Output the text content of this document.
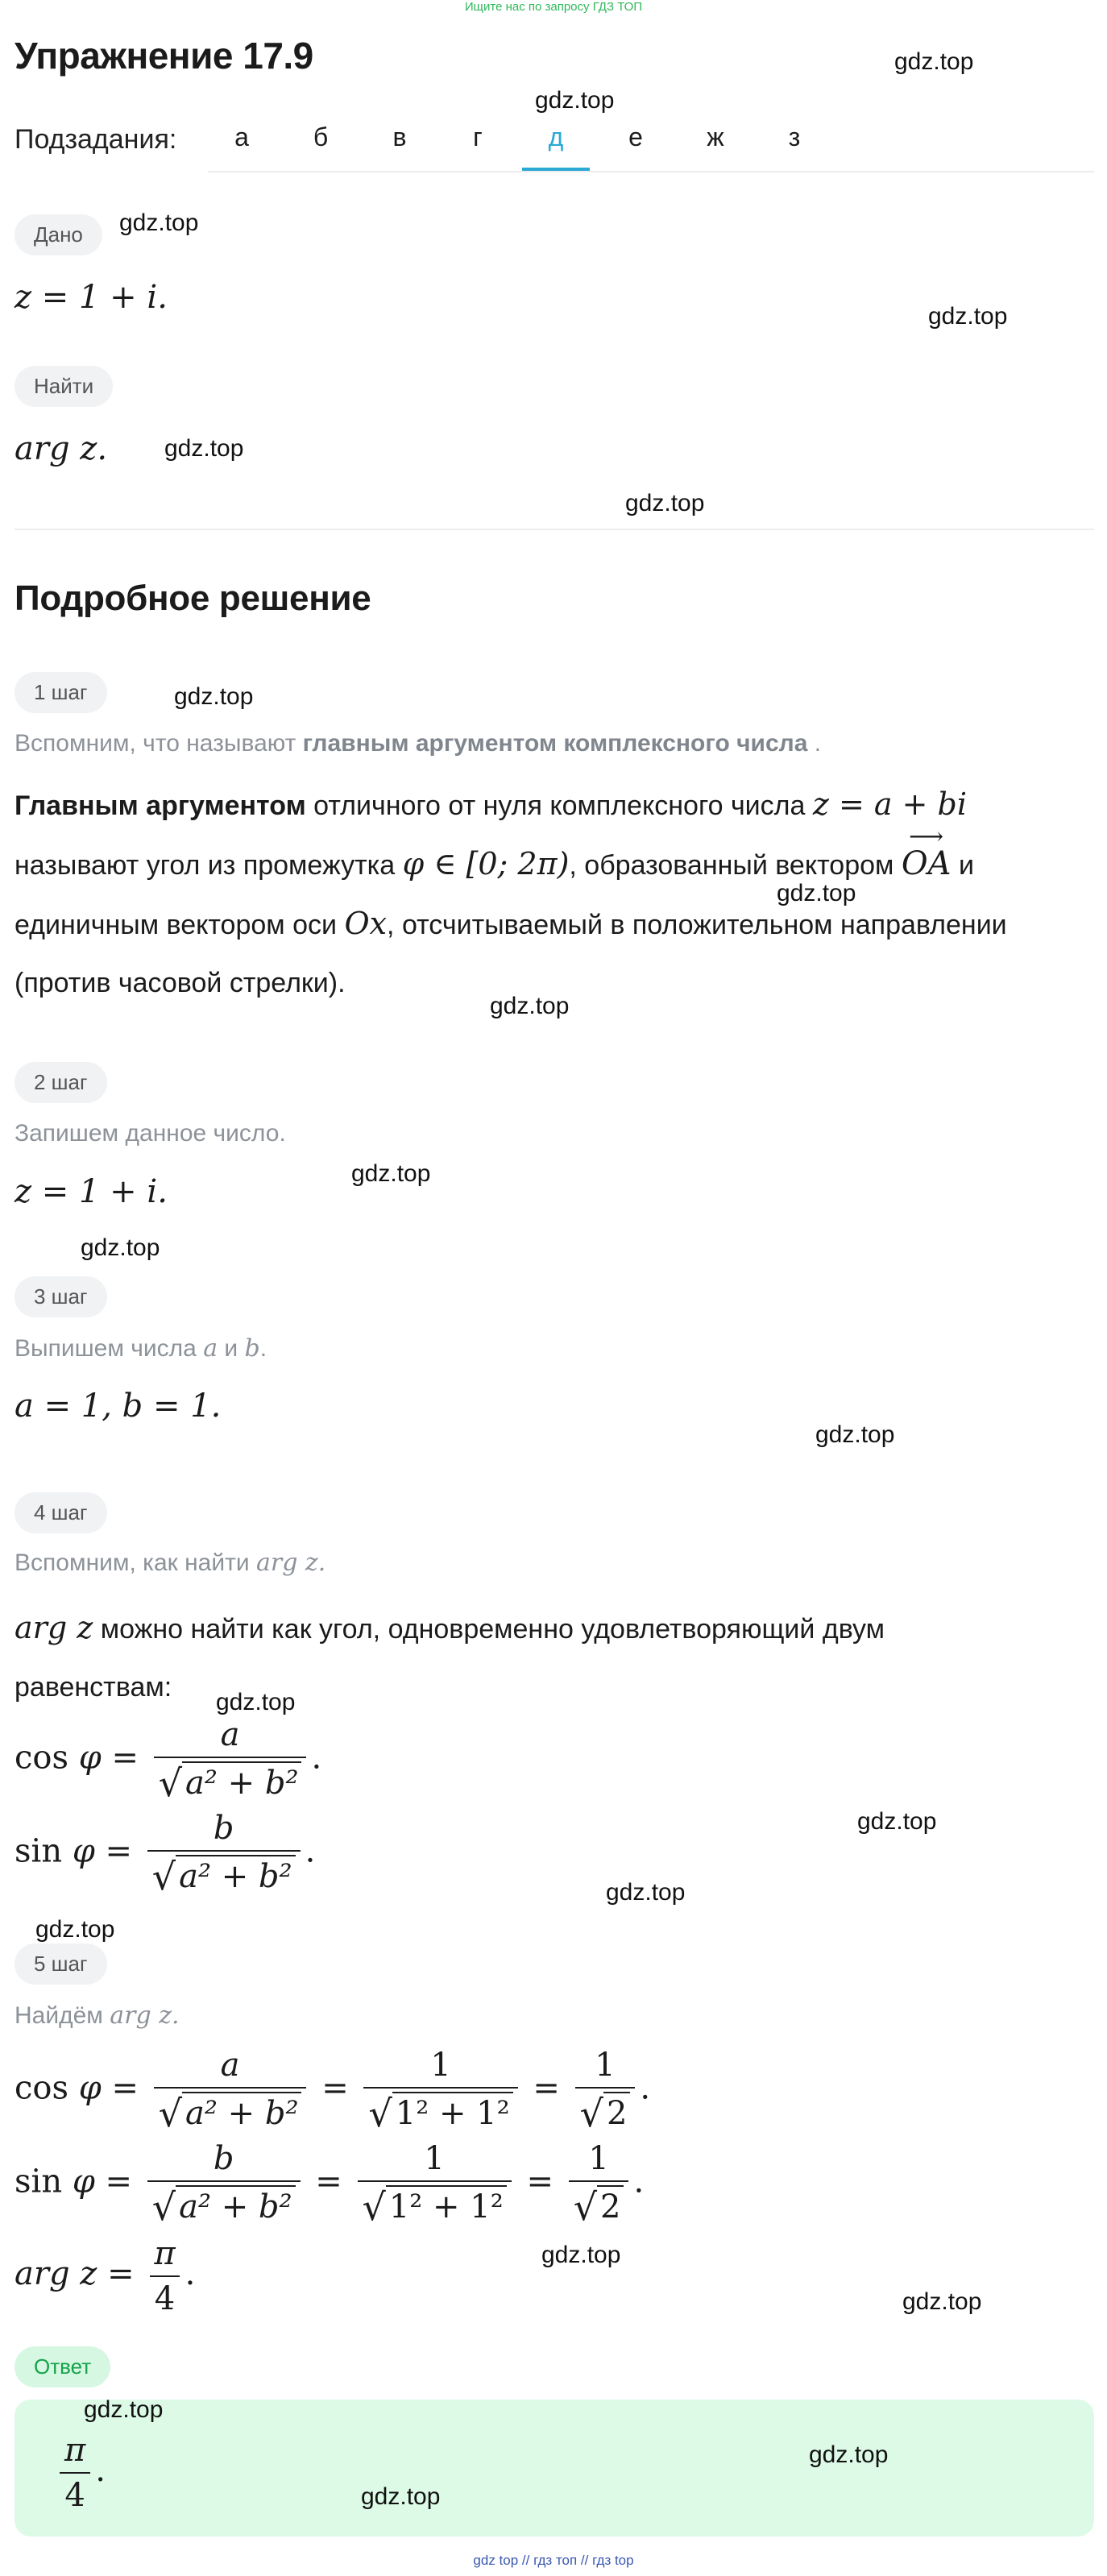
Ищите нас по запросу ГДЗ ТОП
Упражнение 17.9
Подзадания:	а	б	в	г	д	е	ж	з
Дано
z = 1 + i.
Найти
arg z.
Подробное решение
1 шаг
Вспомним, что называют главным аргументом комплексного числа .
Главным аргументом отличного от нуля комплексного числа z = a + bi
называют угол из промежутка φ ∈ [0; 2π), образованный вектором
⟶
OA и
единичным вектором оси Ox, отсчитываемый в положительном направлении
(против часовой стрелки).
2 шаг
Запишем данное число.
z = 1 + i.
3 шаг
Выпишем числа a и b.
a = 1, b = 1.
4 шаг
Вспомним, как найти arg z.
arg z можно найти как угол, одновременно удовлетворяющий двум
равенствам:
$\cos \varphi = \frac{a}{\text{√ a² + b²}}$ .
$\sin \varphi = \frac{b}{\text{√ a² + b²}}$ .
5 шаг
Найдём arg z.
$\cos \varphi = \frac{a}{\text{√ a² + b²}} = \frac{1}{\text{√ 1² + 1²}} = \frac{1}{√ 2}$ .
$\sin \varphi = \frac{b}{\text{√ a² + b²}} = \frac{1}{\text{√ 1² + 1²}} = \frac{1}{√ 2}$ .
arg $z = \frac{\pi}{4}$ .
Ответ
$\frac{\pi}{4}$ .
gdz.top
gdz.top
gdz.top
gdz.top
gdz.top
gdz.top
gdz.top
gdz.top
gdz.top
gdz.top
gdz.top
gdz.top
gdz.top
gdz.top
gdz.top
gdz.top
gdz.top
gdz.top
gdz.top
gdz.top
gdz.top
gdz top // гдз топ // гдз top
